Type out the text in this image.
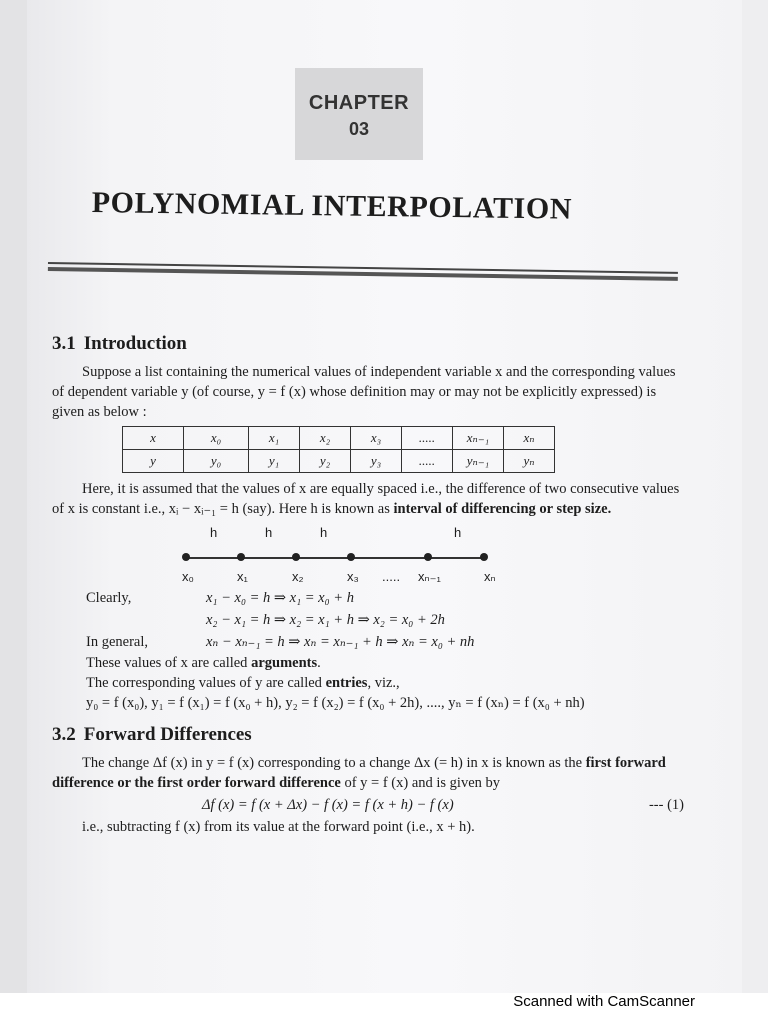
CHAPTER
03
POLYNOMIAL INTERPOLATION
3.1 Introduction

Suppose a list containing the numerical values of independent variable x and the corresponding values of dependent variable y (of course, y = f (x) whose definition may or may not be explicitly expressed) is given as below :

x	x₀	x₁	x₂	x₃	.....	xₙ₋₁	xₙ
y	y₀	y₁	y₂	y₃	.....	yₙ₋₁	yₙ

Here, it is assumed that the values of x are equally spaced i.e., the difference of two consecutive values of x is constant i.e., xᵢ − xᵢ₋₁ = h (say). Here h is known as interval of differencing or step size.

h	h	h	h
x₀	x₁	x₂	x₃ ..... xₙ₋₁	xₙ
Clearly,	x₁ − x₀ = h ⇒ x₁ = x₀ + h
x₂ − x₁ = h ⇒ x₂ = x₁ + h ⇒ x₂ = x₀ + 2h
In general,	xₙ − xₙ₋₁ = h ⇒ xₙ = xₙ₋₁ + h ⇒ xₙ = x₀ + nh
These values of x are called arguments.
The corresponding values of y are called entries, viz.,
y₀ = f (x₀), y₁ = f (x₁) = f (x₀ + h), y₂ = f (x₂) = f (x₀ + 2h), ...., yₙ = f (xₙ) = f (x₀ + nh)
3.2 Forward Differences

The change Δf (x) in y = f (x) corresponding to a change Δx (= h) in x is known as the first forward difference or the first order forward difference of y = f (x) and is given by

Δf (x) = f (x + Δx) − f (x) = f (x + h) − f (x)	--- (1)

i.e., subtracting f (x) from its value at the forward point (i.e., x + h).

Scanned with CamScanner
